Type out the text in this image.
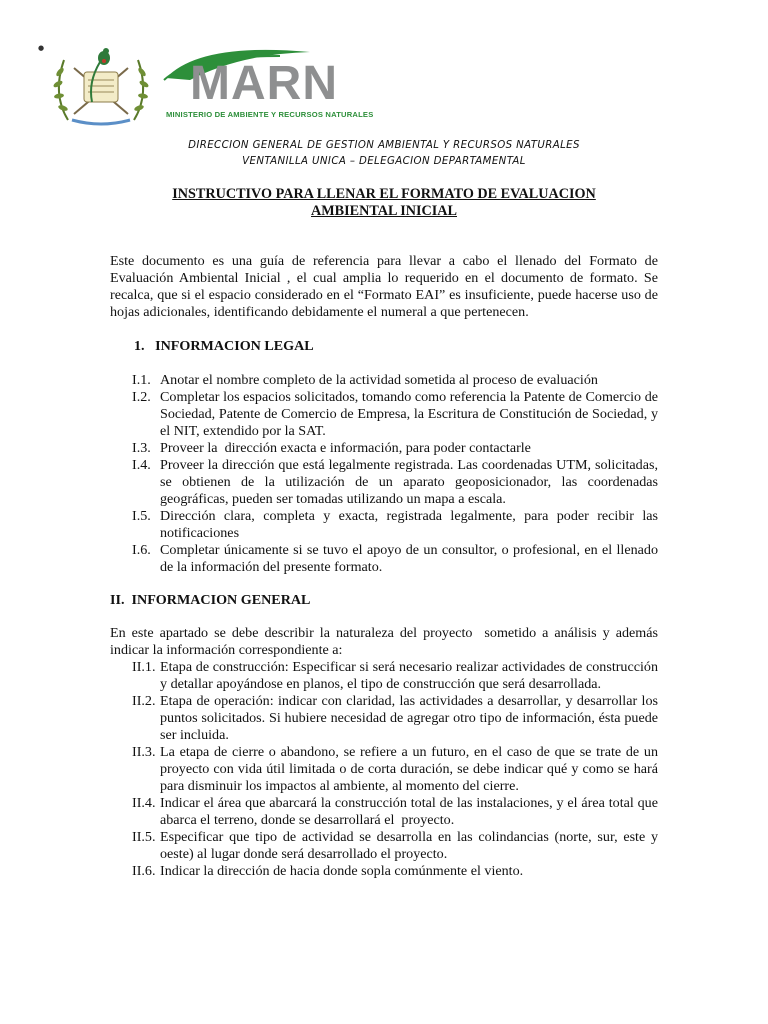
●
MARN
MINISTERIO DE AMBIENTE Y RECURSOS NATURALES
DIRECCION GENERAL DE GESTION AMBIENTAL Y RECURSOS NATURALES
VENTANILLA UNICA – DELEGACION DEPARTAMENTAL
INSTRUCTIVO PARA LLENAR EL FORMATO DE EVALUACION
AMBIENTAL INICIAL

Este documento es una guía de referencia para llevar a cabo el llenado del Formato de Evaluación Ambiental Inicial , el cual amplia lo requerido en el documento de formato. Se recalca, que si el espacio considerado en el “Formato EAI” es insuficiente, puede hacerse uso de hojas adicionales, identificando debidamente el numeral a que pertenecen.

1.   INFORMACION LEGAL
I.1. Anotar el nombre completo de la actividad sometida al proceso de evaluación
I.2. Completar los espacios solicitados, tomando como referencia la Patente de Comercio de Sociedad, Patente de Comercio de Empresa, la Escritura de Constitución de Sociedad, y el NIT, extendido por la SAT.
I.3. Proveer la  dirección exacta e información, para poder contactarle
I.4. Proveer la dirección que está legalmente registrada. Las coordenadas UTM, solicitadas, se obtienen de la utilización de un aparato geoposicionador, las coordenadas geográficas, pueden ser tomadas utilizando un mapa a escala.
I.5. Dirección clara, completa y exacta, registrada legalmente, para poder recibir las notificaciones
I.6. Completar únicamente si se tuvo el apoyo de un consultor, o profesional, en el llenado de la información del presente formato.
II.  INFORMACION GENERAL

En este apartado se debe describir la naturaleza del proyecto  sometido a análisis y además indicar la información correspondiente a:

II.1. Etapa de construcción: Especificar si será necesario realizar actividades de construcción y detallar apoyándose en planos, el tipo de construcción que será desarrollada.
II.2. Etapa de operación: indicar con claridad, las actividades a desarrollar, y desarrollar los puntos solicitados. Si hubiere necesidad de agregar otro tipo de información, ésta puede ser incluida.
II.3. La etapa de cierre o abandono, se refiere a un futuro, en el caso de que se trate de un proyecto con vida útil limitada o de corta duración, se debe indicar qué y como se hará para disminuir los impactos al ambiente, al momento del cierre.
II.4. Indicar el área que abarcará la construcción total de las instalaciones, y el área total que abarca el terreno, donde se desarrollará el  proyecto.
II.5. Especificar que tipo de actividad se desarrolla en las colindancias (norte, sur, este y oeste) al lugar donde será desarrollado el proyecto.
II.6. Indicar la dirección de hacia donde sopla comúnmente el viento.
